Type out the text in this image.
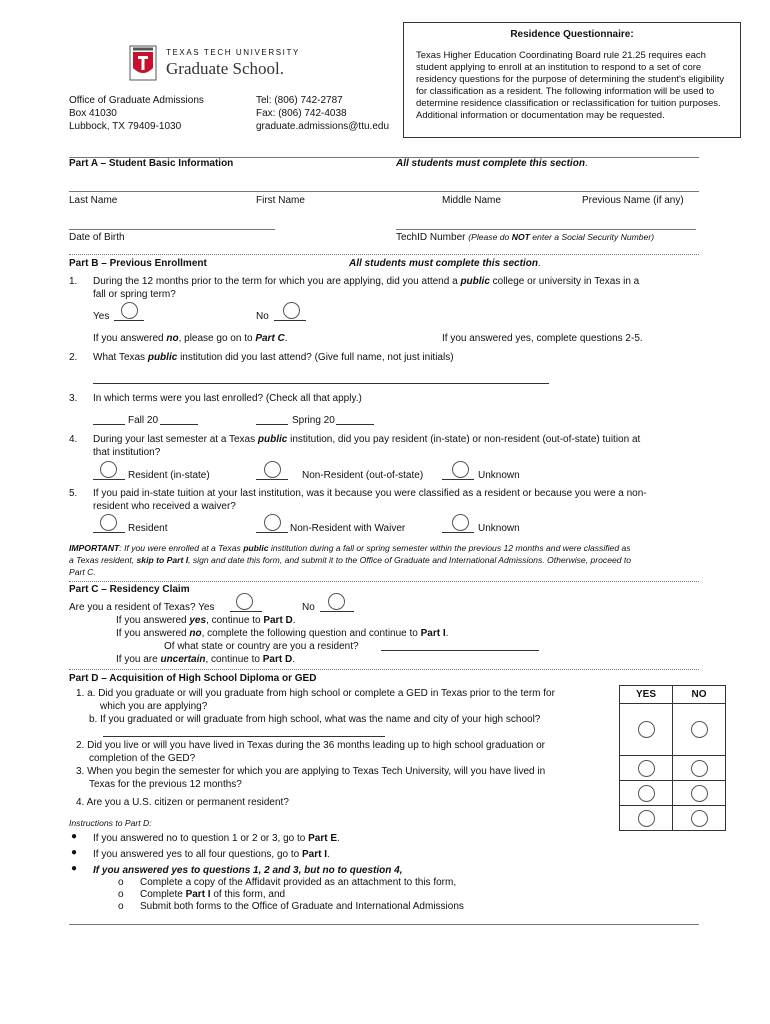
TEXAS TECH UNIVERSITY
Graduate School.
Office of Graduate Admissions
Box 41030
Lubbock, TX 79409-1030
Tel: (806) 742-2787
Fax: (806) 742-4038
graduate.admissions@ttu.edu
Residence Questionnaire:
Texas Higher Education Coordinating Board rule 21.25 requires each student applying to enroll at an institution to respond to a set of core residency questions for the purpose of determining the student's eligibility for classification as a resident. The following information will be used to determine residence classification or reclassification for tuition purposes. Additional information or documentation may be requested.
Part A – Student Basic Information	All students must complete this section.
Last Name	First Name	Middle Name	Previous Name (if any)
Date of Birth	TechID Number (Please do NOT enter a Social Security Number)
Part B – Previous Enrollment	All students must complete this section.
1. During the 12 months prior to the term for which you are applying, did you attend a public college or university in Texas in a
fall or spring term?
Yes	No
If you answered no, please go on to Part C.	If you answered yes, complete questions 2-5.
2. What Texas public institution did you last attend? (Give full name, not just initials)
3. In which terms were you last enrolled? (Check all that apply.)
Fall 20	Spring 20
4. During your last semester at a Texas public institution, did you pay resident (in-state) or non-resident (out-of-state) tuition at
that institution?
Resident (in-state)	Non-Resident (out-of-state)	Unknown
5. If you paid in-state tuition at your last institution, was it because you were classified as a resident or because you were a non-
resident who received a waiver?
Resident	Non-Resident with Waiver	Unknown
IMPORTANT: If you were enrolled at a Texas public institution during a fall or spring semester within the previous 12 months and were classified as
a Texas resident, skip to Part I, sign and date this form, and submit it to the Office of Graduate and International Admissions. Otherwise, proceed to
Part C.
Part C – Residency Claim
Are you a resident of Texas? Yes	No
If you answered yes, continue to Part D.
If you answered no, complete the following question and continue to Part I.
Of what state or country are you a resident?
If you are uncertain, continue to Part D.
Part D – Acquisition of High School Diploma or GED
1. a. Did you graduate or will you graduate from high school or complete a GED in Texas prior to the term for
which you are applying?
b. If you graduated or will graduate from high school, what was the name and city of your high school?
2. Did you live or will you have lived in Texas during the 36 months leading up to high school graduation or
completion of the GED?
3. When you begin the semester for which you are applying to Texas Tech University, will you have lived in
Texas for the previous 12 months?
4. Are you a U.S. citizen or permanent resident?
YES	NO

Instructions to Part D:
● If you answered no to question 1 or 2 or 3, go to Part E.
● If you answered yes to all four questions, go to Part I.
● If you answered yes to questions 1, 2 and 3, but no to question 4,
o Complete a copy of the Affidavit provided as an attachment to this form,
o Complete Part I of this form, and
o Submit both forms to the Office of Graduate and International Admissions
